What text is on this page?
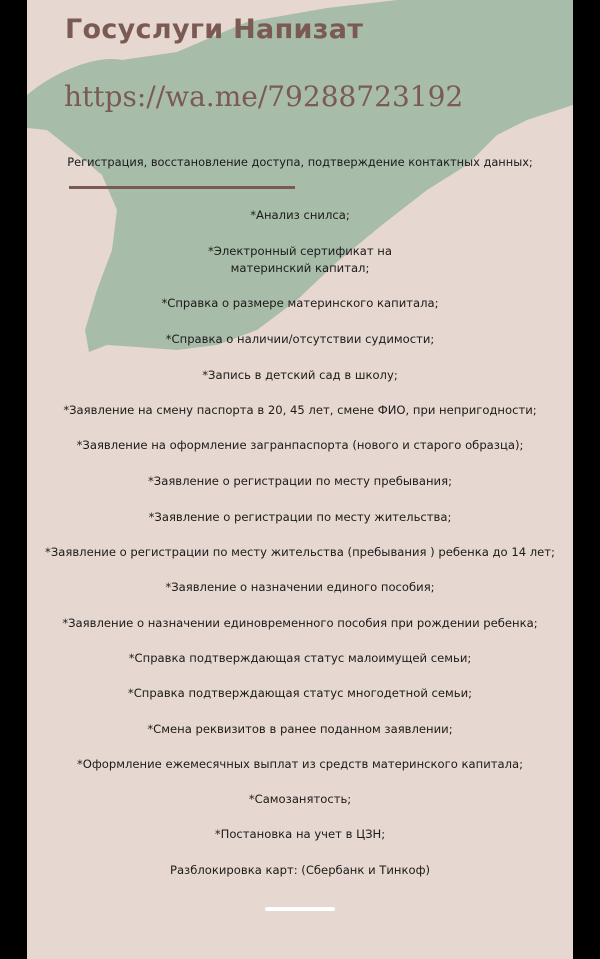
Госуслуги Напизат
https://wa.me/79288723192
Регистрация, восстановление доступа, подтверждение контактных данных;
*Анализ снилса;
*Электронный сертификат на
материнский капитал;
*Справка о размере материнского капитала;
*Справка о наличии/отсутствии судимости;
*Запись в детский сад в школу;
*Заявление на смену паспорта в 20, 45 лет, смене ФИО, при непригодности;
*Заявление на оформление загранпаспорта (нового и старого образца);
*Заявление о регистрации по месту пребывания;
*Заявление о регистрации по месту жительства;
*Заявление о регистрации по месту жительства (пребывания ) ребенка до 14 лет;
*Заявление о назначении единого пособия;
*Заявление о назначении единовременного пособия при рождении ребенка;
*Справка подтверждающая статус малоимущей семьи;
*Справка подтверждающая статус многодетной семьи;
*Смена реквизитов в ранее поданном заявлении;
*Оформление ежемесячных выплат из средств материнского капитала;
*Самозанятость;
*Постановка на учет в ЦЗН;
Разблокировка карт: (Сбербанк и Тинкоф)
